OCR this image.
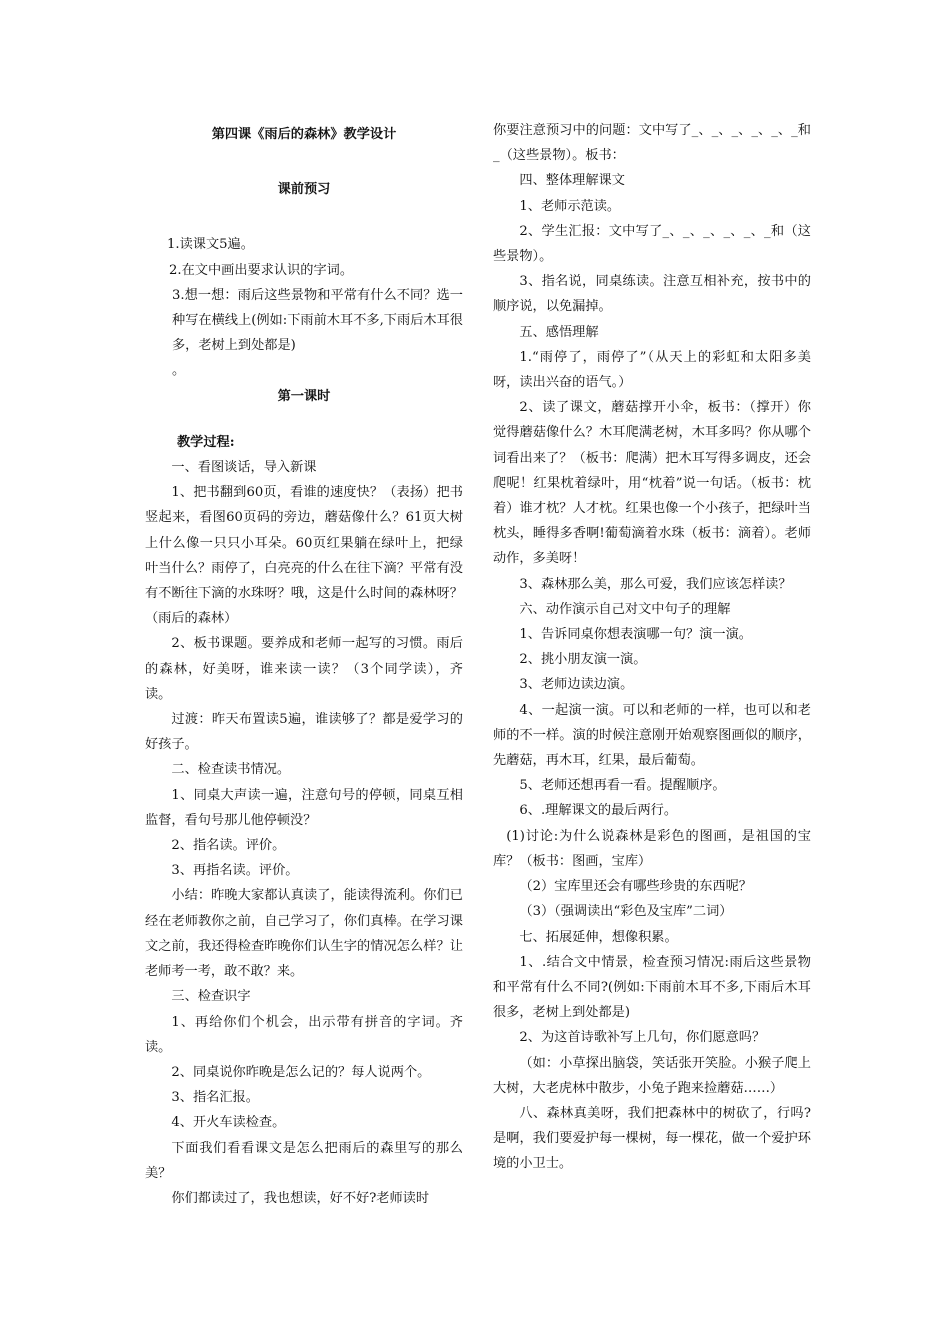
第四课《雨后的森林》教学设计

课前预习

1.读课文5遍。

2.在文中画出要求认识的字词。

3.想一想：雨后这些景物和平常有什么不同？选一种写在横线上(例如:下雨前木耳不多,下雨后木耳很多，老树上到处都是)

。

第一课时

教学过程:

一、看图谈话，导入新课

1、把书翻到60页，看谁的速度快？（表扬）把书竖起来，看图60页码的旁边，蘑菇像什么？61页大树上什么像一只只小耳朵。60页红果躺在绿叶上，把绿叶当什么？雨停了，白亮亮的什么在往下滴？平常有没有不断往下滴的水珠呀？哦，这是什么时间的森林呀？（雨后的森林）

2、板书课题。要养成和老师一起写的习惯。雨后的森林，好美呀，谁来读一读？（3个同学读），齐读。

过渡：昨天布置读5遍，谁读够了？都是爱学习的好孩子。

二、检查读书情况。

1、同桌大声读一遍，注意句号的停顿，同桌互相监督，看句号那儿他停顿没？

2、指名读。评价。

3、再指名读。评价。

小结：昨晚大家都认真读了，能读得流利。你们已经在老师教你之前，自己学习了，你们真棒。在学习课文之前，我还得检查昨晚你们认生字的情况怎么样？让老师考一考，敢不敢？来。

三、检查识字

1、再给你们个机会，出示带有拼音的字词。齐读。

2、同桌说你昨晚是怎么记的？每人说两个。

3、指名汇报。

4、开火车读检查。

下面我们看看课文是怎么把雨后的森里写的那么美？

你们都读过了，我也想读，好不好?老师读时

你要注意预习中的问题：文中写了_、_、_、_、_、_和_（这些景物）。板书：

四、整体理解课文

1、老师示范读。

2、学生汇报：文中写了_、_、_、_、_、_和（这些景物）。

3、指名说，同桌练读。注意互相补充，按书中的顺序说，以免漏掉。

五、感悟理解

1.“雨停了，雨停了”（从天上的彩虹和太阳多美呀，读出兴奋的语气。）

2、读了课文，蘑菇撑开小伞，板书：（撑开）你觉得蘑菇像什么？木耳爬满老树，木耳多吗？你从哪个词看出来了？（板书：爬满）把木耳写得多调皮，还会爬呢！红果枕着绿叶，用“枕着”说一句话。（板书：枕着）谁才枕？人才枕。红果也像一个小孩子，把绿叶当枕头，睡得多香啊!葡萄滴着水珠（板书：滴着）。老师动作，多美呀！

3、森林那么美，那么可爱，我们应该怎样读？

六、动作演示自己对文中句子的理解

1、告诉同桌你想表演哪一句？演一演。

2、挑小朋友演一演。

3、老师边读边演。

4、一起演一演。可以和老师的一样，也可以和老师的不一样。演的时候注意刚开始观察图画似的顺序，先蘑菇，再木耳，红果，最后葡萄。

5、老师还想再看一看。提醒顺序。

6、.理解课文的最后两行。

(1)讨论:为什么说森林是彩色的图画，是祖国的宝库？（板书：图画，宝库）

（2）宝库里还会有哪些珍贵的东西呢？

（3）（强调读出“彩色及宝库”二词）

七、拓展延伸，想像积累。

1、.结合文中情景，检查预习情况:雨后这些景物和平常有什么不同?(例如:下雨前木耳不多,下雨后木耳很多，老树上到处都是)

2、为这首诗歌补写上几句，你们愿意吗？

（如：小草探出脑袋，笑话张开笑脸。小猴子爬上大树，大老虎林中散步，小兔子跑来捡蘑菇……）

八、森林真美呀，我们把森林中的树砍了，行吗?是啊，我们要爱护每一棵树，每一棵花，做一个爱护环境的小卫士。
